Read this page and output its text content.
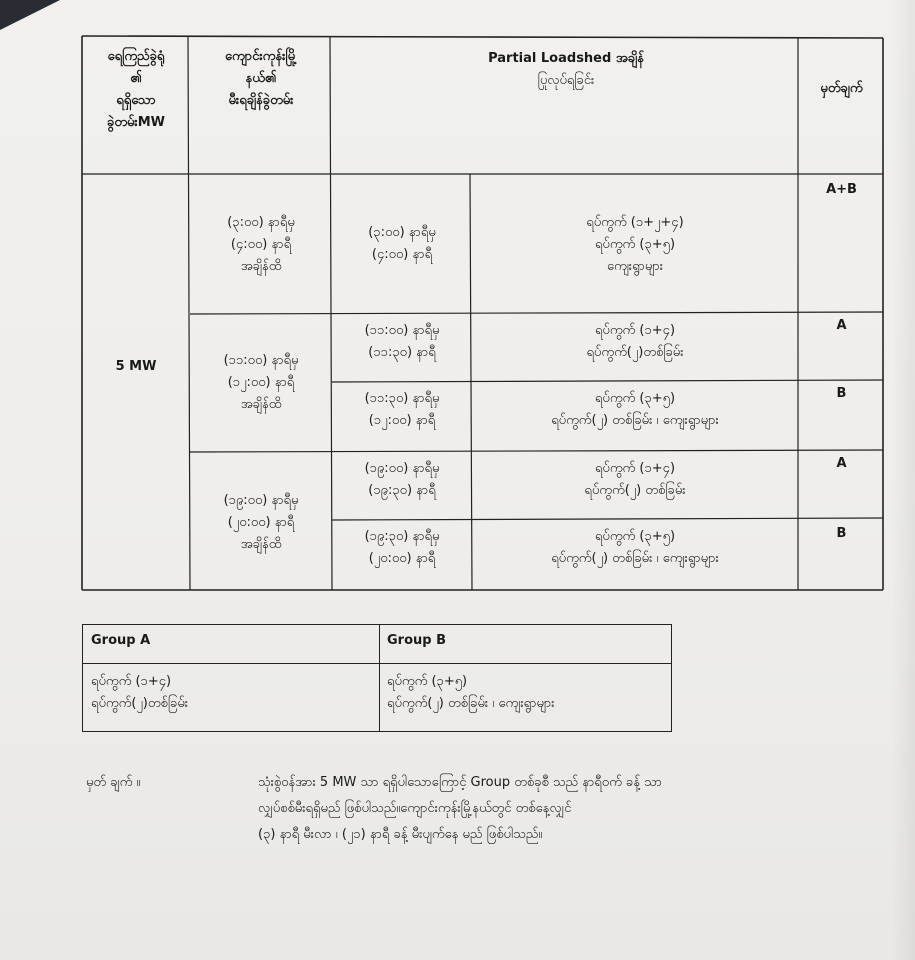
ရေကြည်ခွဲရုံ
၏
ရရှိသော
ခွဲတမ်းMW
ကျောင်းကုန်းမြို့
နယ်၏
မီးရချိန်ခွဲတမ်း
Partial Loadshed အချိန်
ပြုလုပ်ရခြင်း
မှတ်ချက်
5 MW
(၃:၀၀) နာရီမှ
(၄:၀၀) နာရီ
အချိန်ထိ
(၃:၀၀) နာရီမှ
(၄:၀၀) နာရီ
ရပ်ကွက် (၁+၂+၄)
ရပ်ကွက် (၃+၅)
ကျေးရွာများ
A+B
(၁၁:၀၀) နာရီမှ
(၁၂:၀၀) နာရီ
အချိန်ထိ
(၁၁:၀၀) နာရီမှ
(၁၁:၃၀) နာရီ
ရပ်ကွက် (၁+၄)
ရပ်ကွက်(၂)တစ်ခြမ်း
A
(၁၁:၃၀) နာရီမှ
(၁၂:၀၀) နာရီ
ရပ်ကွက် (၃+၅)
ရပ်ကွက်(၂) တစ်ခြမ်း ၊ ကျေးရွာများ
B
(၁၉:၀၀) နာရီမှ
(၂၀:၀၀) နာရီ
အချိန်ထိ
(၁၉:၀၀) နာရီမှ
(၁၉:၃၀) နာရီ
ရပ်ကွက် (၁+၄)
ရပ်ကွက်(၂) တစ်ခြမ်း
A
(၁၉:၃၀) နာရီမှ
(၂၀:၀၀) နာရီ
ရပ်ကွက် (၃+၅)
ရပ်ကွက်(၂) တစ်ခြမ်း ၊ ကျေးရွာများ
B
Group A	Group B
ရပ်ကွက် (၁+၄)
ရပ်ကွက်(၂)တစ်ခြမ်း
ရပ်ကွက် (၃+၅)
ရပ်ကွက်(၂) တစ်ခြမ်း ၊ ကျေးရွာများ
မှတ် ချက် ။	သုံးစွဲဝန်အား 5 MW သာ ရရှိပါသောကြောင့် Group တစ်ခုစီ သည် နာရီဝက် ခန့် သာ
လျှပ်စစ်မီးရရှိမည် ဖြစ်ပါသည်။ကျောင်းကုန်းမြို့နယ်တွင် တစ်နေ့လျှင်
(၃) နာရီ မီးလာ ၊ (၂၁) နာရီ ခန့် မီးပျက်နေ မည် ဖြစ်ပါသည်။
